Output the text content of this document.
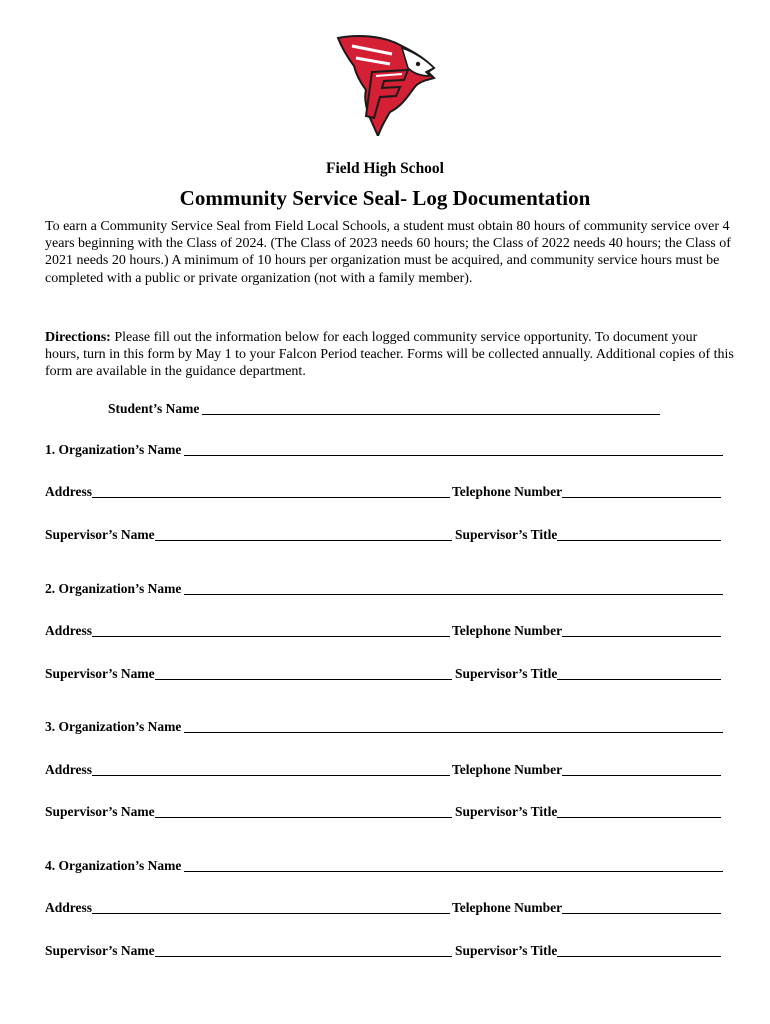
Field High School
Community Service Seal- Log Documentation
To earn a Community Service Seal from Field Local Schools, a student must obtain 80 hours of community service over 4 years beginning with the Class of 2024. (The Class of 2023 needs 60 hours; the Class of 2022 needs 40 hours; the Class of 2021 needs 20 hours.) A minimum of 10 hours per organization must be acquired, and community service hours must be completed with a public or private organization (not with a family member).
Directions: Please fill out the information below for each logged community service opportunity. To document your hours, turn in this form by May 1 to your Falcon Period teacher. Forms will be collected annually. Additional copies of this form are available in the guidance department.
Student’s Name
1. Organization’s Name
Address	Telephone Number
Supervisor’s Name	Supervisor’s Title
2. Organization’s Name
Address	Telephone Number
Supervisor’s Name	Supervisor’s Title
3. Organization’s Name
Address	Telephone Number
Supervisor’s Name	Supervisor’s Title
4. Organization’s Name
Address	Telephone Number
Supervisor’s Name	Supervisor’s Title
